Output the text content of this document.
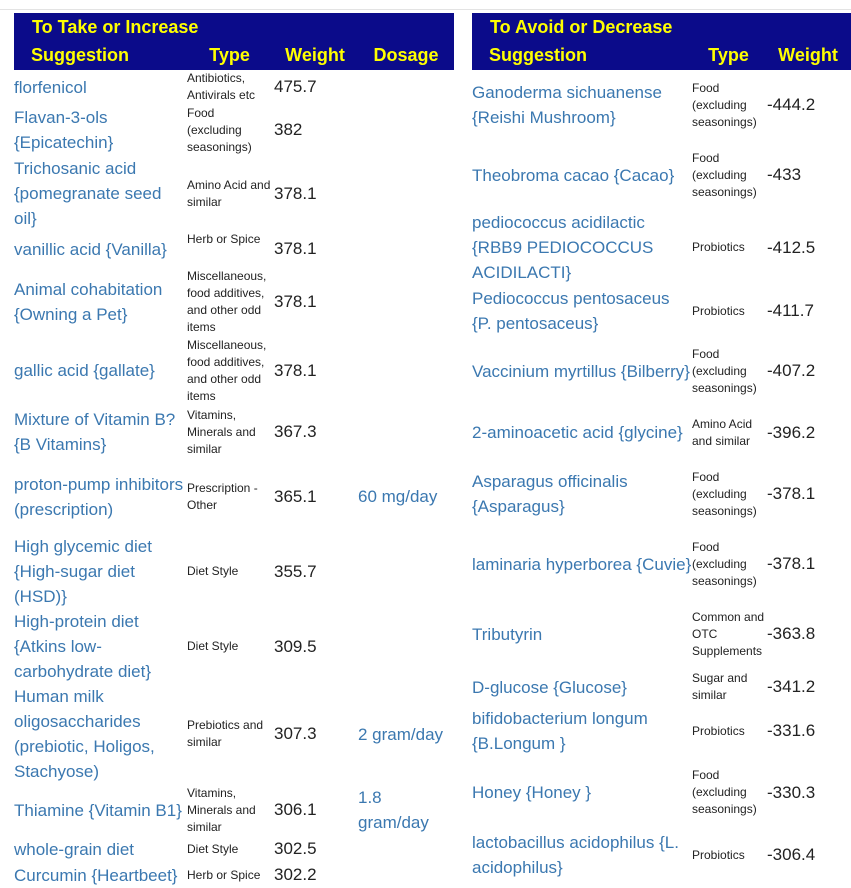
To Take or Increase			
Suggestion	Type	Weight	Dosage
florfenicol	Antibiotics, Antivirals etc	475.7	
Flavan-3-ols {Epicatechin}	Food (excluding seasonings)	382	
Trichosanic acid {pomegranate seed oil}	Amino Acid and similar	378.1	
vanillic acid {Vanilla}	Herb or Spice	378.1	
Animal cohabitation {Owning a Pet}	Miscellaneous, food additives, and other odd items	378.1	
gallic acid {gallate}	Miscellaneous, food additives, and other odd items	378.1	
Mixture of Vitamin B? {B Vitamins}	Vitamins, Minerals and similar	367.3	
proton-pump inhibitors (prescription)	Prescription - Other	365.1	60 mg/day
High glycemic diet {High-sugar diet (HSD)}	Diet Style	355.7	
High-protein diet {Atkins low-carbohydrate diet}	Diet Style	309.5	
Human milk oligosaccharides (prebiotic, Holigos, Stachyose)	Prebiotics and similar	307.3	2 gram/day
Thiamine {Vitamin B1}	Vitamins, Minerals and similar	306.1	1.8 gram/day
whole-grain diet	Diet Style	302.5	
Curcumin {Heartbeet}	Herb or Spice	302.2	
To Avoid or Decrease		
Suggestion	Type	Weight
Ganoderma sichuanense {Reishi Mushroom}	Food (excluding seasonings)	-444.2
Theobroma cacao {Cacao}	Food (excluding seasonings)	-433
pediococcus acidilactic {RBB9 PEDIOCOCCUS ACIDILACTI}	Probiotics	-412.5
Pediococcus pentosaceus {P. pentosaceus}	Probiotics	-411.7
Vaccinium myrtillus {Bilberry}	Food (excluding seasonings)	-407.2
2-aminoacetic acid {glycine}	Amino Acid and similar	-396.2
Asparagus officinalis {Asparagus}	Food (excluding seasonings)	-378.1
laminaria hyperborea {Cuvie}	Food (excluding seasonings)	-378.1
Tributyrin	Common and OTC Supplements	-363.8
D-glucose {Glucose}	Sugar and similar	-341.2
bifidobacterium longum {B.Longum }	Probiotics	-331.6
Honey {Honey }	Food (excluding seasonings)	-330.3
lactobacillus acidophilus {L. acidophilus}	Probiotics	-306.4
